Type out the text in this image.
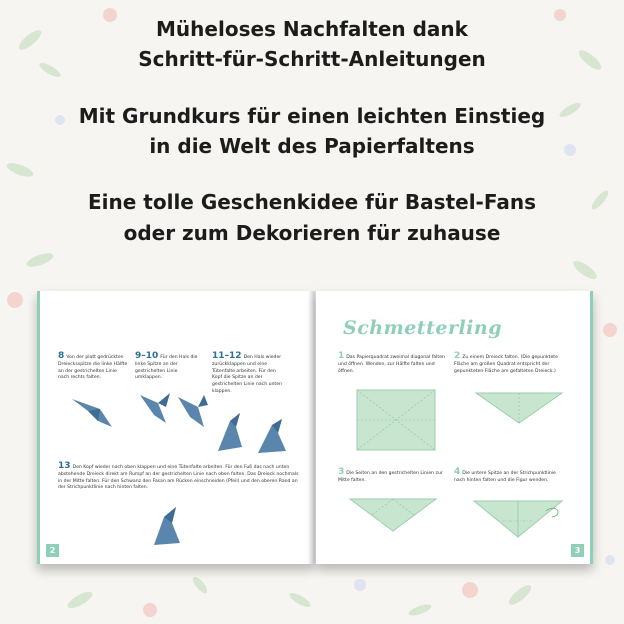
Müheloses Nachfalten dank
Schritt-für-Schritt-Anleitungen
Mit Grundkurs für einen leichten Einstieg
in die Welt des Papierfaltens
Eine tolle Geschenkidee für Bastel-Fans
oder zum Dekorieren für zuhause
8 Von der platt gedrückten Dreiecksspitze die linke Hälfte an der gestrichelten Linie nach rechts falten.
9–10 Für den Hals die linke Spitze an der gestrichelten Linie umklappen.
11–12 Den Hals wieder zurückklappen und eine Tütenfalte arbeiten. Für den Kopf die Spitze an der gestrichelten Linie nach unten klappen.
13 Den Kopf wieder nach oben klappen und eine Tütenfalte arbeiten. Für den Fuß das nach unten abstehende Dreieck direkt am Rumpf an der gestrichelten Linie nach oben falten. Das Dreieck nochmals in der Mitte falten. Für den Schwanz den Fasan am Rücken einschneiden (Pfeil) und den oberen Rand an der Strichpunktlinie nach hinten falten.
2
Schmetterling
1 Das Papierquadrat zweimal diagonal falten und öffnen. Wenden, zur Hälfte falten und öffnen.
2 Zu einem Dreieck falten. (Die gepunktete Fläche am großen Quadrat entspricht der gepunkteten Fläche am gefalteten Dreieck.)
3 Die Seiten an den gestrichelten Linien zur Mitte falten.
4 Die untere Spitze an der Strichpunktlinie nach hinten falten und die Figur wenden.
3
